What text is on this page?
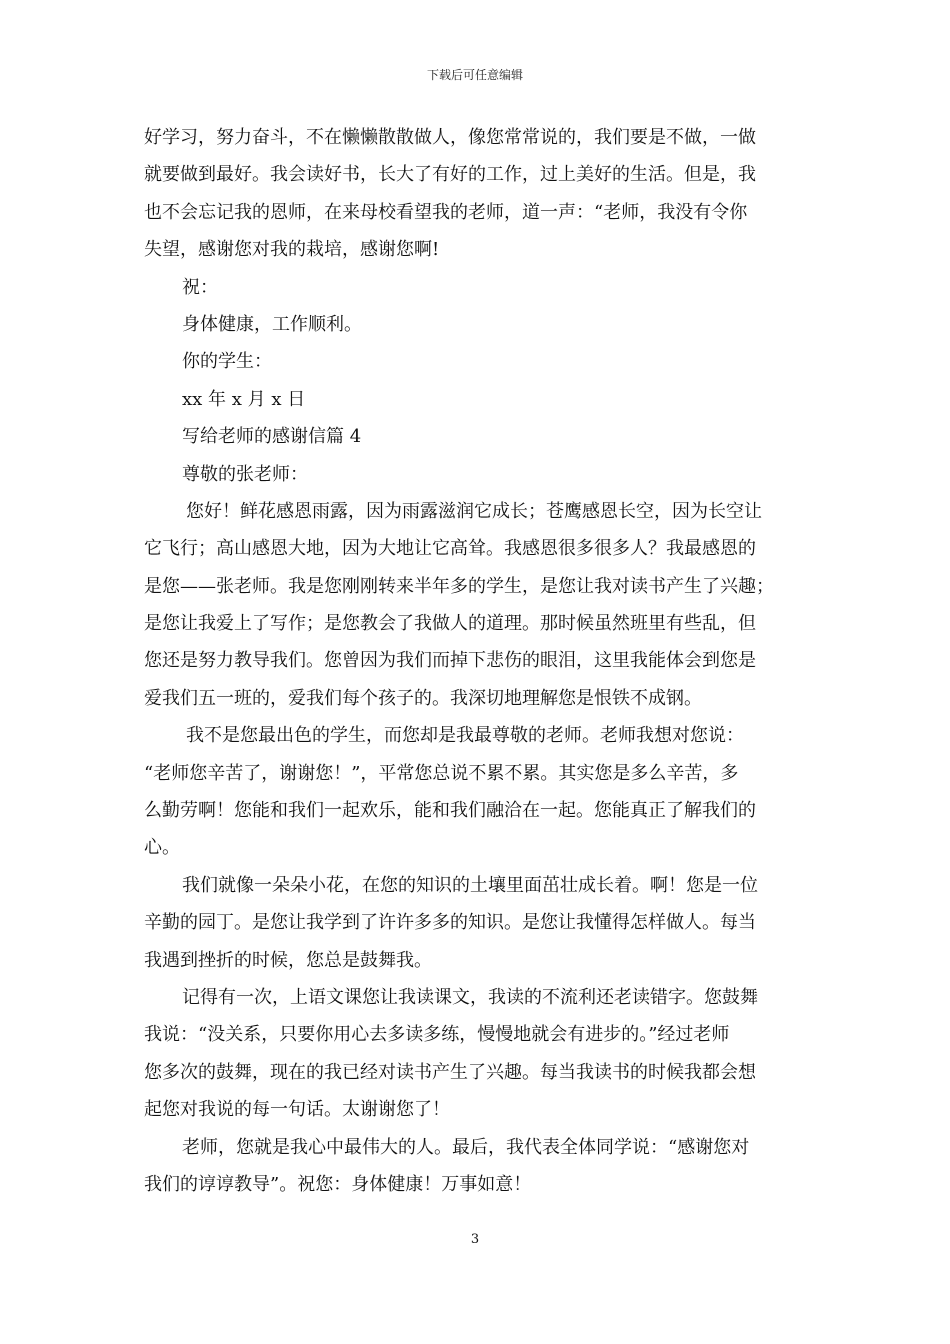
下载后可任意编辑
好学习，努力奋斗，不在懒懒散散做人，像您常常说的，我们要是不做，一做
就要做到最好。我会读好书，长大了有好的工作，过上美好的生活。但是，我
也不会忘记我的恩师，在来母校看望我的老师，道一声：“老师，我没有令你
失望，感谢您对我的栽培，感谢您啊!
祝：
身体健康，工作顺利。
你的学生：
xx 年 x 月 x 日
写给老师的感谢信篇 4
尊敬的张老师：
您好！鲜花感恩雨露，因为雨露滋润它成长；苍鹰感恩长空，因为长空让
它飞行；高山感恩大地，因为大地让它高耸。我感恩很多很多人？我最感恩的
是您——张老师。我是您刚刚转来半年多的学生，是您让我对读书产生了兴趣；
是您让我爱上了写作；是您教会了我做人的道理。那时候虽然班里有些乱，但
您还是努力教导我们。您曾因为我们而掉下悲伤的眼泪，这里我能体会到您是
爱我们五一班的，爱我们每个孩子的。我深切地理解您是恨铁不成钢。
我不是您最出色的学生，而您却是我最尊敬的老师。老师我想对您说：
“老师您辛苦了，谢谢您！”，平常您总说不累不累。其实您是多么辛苦，多
么勤劳啊！您能和我们一起欢乐，能和我们融洽在一起。您能真正了解我们的
心。
我们就像一朵朵小花，在您的知识的土壤里面茁壮成长着。啊！您是一位
辛勤的园丁。是您让我学到了许许多多的知识。是您让我懂得怎样做人。每当
我遇到挫折的时候，您总是鼓舞我。
记得有一次，上语文课您让我读课文，我读的不流利还老读错字。您鼓舞
我说：“没关系，只要你用心去多读多练，慢慢地就会有进步的。”经过老师
您多次的鼓舞，现在的我已经对读书产生了兴趣。每当我读书的时候我都会想
起您对我说的每一句话。太谢谢您了！
老师，您就是我心中最伟大的人。最后，我代表全体同学说：“感谢您对
我们的谆谆教导”。祝您：身体健康！万事如意！
3
